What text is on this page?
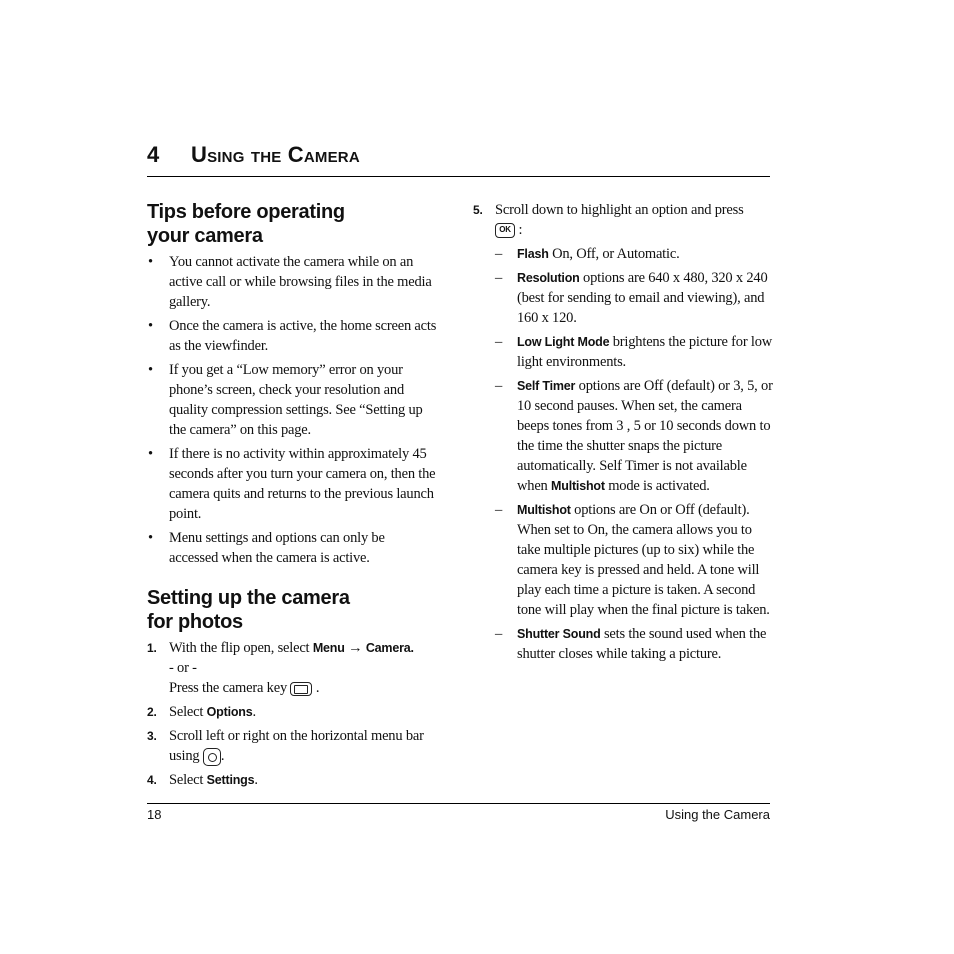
4 Using the Camera
Tips before operating
your camera
• You cannot activate the camera while on an active call or while browsing files in the media gallery.
• Once the camera is active, the home screen acts as the viewfinder.
• If you get a “Low memory” error on your phone’s screen, check your resolution and quality compression settings. See “Setting up the camera” on this page.
• If there is no activity within approximately 45 seconds after you turn your camera on, then the camera quits and returns to the previous launch point.
• Menu settings and options can only be accessed when the camera is active.
Setting up the camera
for photos
1. With the flip open, select Menu → Camera.
- or -
Press the camera key  .
2. Select Options.
3. Scroll left or right on the horizontal menu bar using .
4. Select Settings.
5. Scroll down to highlight an option and press
OK :
– Flash On, Off, or Automatic.
– Resolution options are 640 x 480, 320 x 240 (best for sending to email and viewing), and 160 x 120.
– Low Light Mode brightens the picture for low light environments.
– Self Timer options are Off (default) or 3, 5, or 10 second pauses. When set, the camera beeps tones from 3 , 5 or 10 seconds down to the time the shutter snaps the picture automatically. Self Timer is not available when Multishot mode is activated.
– Multishot options are On or Off (default). When set to On, the camera allows you to take multiple pictures (up to six) while the camera key is pressed and held. A tone will play each time a picture is taken. A second tone will play when the final picture is taken.
– Shutter Sound sets the sound used when the shutter closes while taking a picture.
18	Using the Camera
